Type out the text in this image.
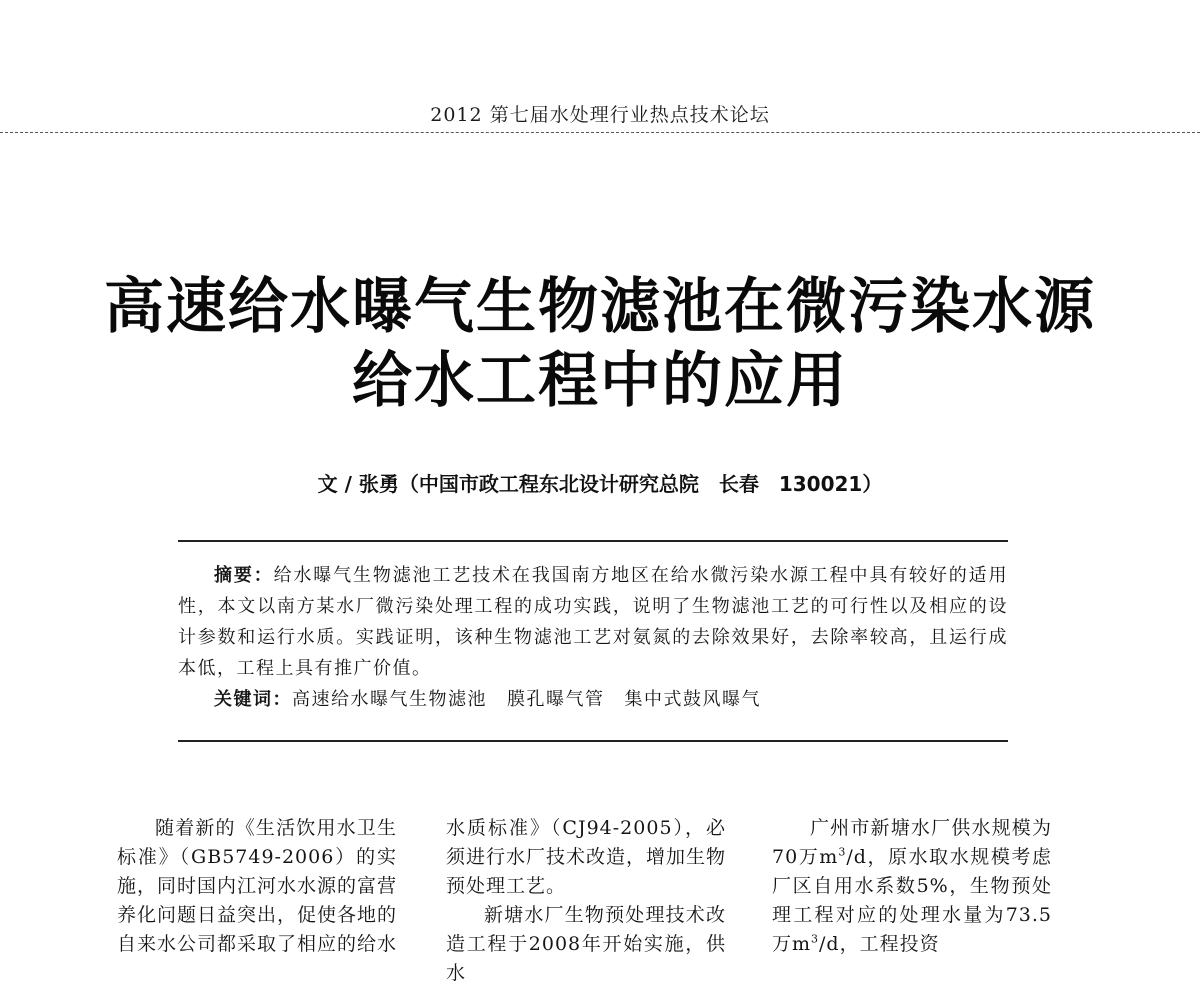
2012 第七届水处理行业热点技术论坛
高速给水曝气生物滤池在微污染水源
给水工程中的应用
文 / 张勇（中国市政工程东北设计研究总院　长春　130021）

摘要：给水曝气生物滤池工艺技术在我国南方地区在给水微污染水源工程中具有较好的适用性，本文以南方某水厂微污染处理工程的成功实践，说明了生物滤池工艺的可行性以及相应的设计参数和运行水质。实践证明，该种生物滤池工艺对氨氮的去除效果好，去除率较高，且运行成本低，工程上具有推广价值。

关键词：高速给水曝气生物滤池 膜孔曝气管 集中式鼓风曝气

随着新的《生活饮用水卫生标准》（GB5749-2006）的实施，同时国内江河水水源的富营养化问题日益突出，促使各地的自来水公司都采取了相应的给水

水质标准》（CJ94-2005），必须进行水厂技术改造，增加生物预处理工艺。

新塘水厂生物预处理技术改造工程于2008年开始实施，供水

广州市新塘水厂供水规模为70万$m^3/d$，原水取水规模考虑厂区自用水系数5%，生物预处理工程对应的处理水量为73.5万$m^3/d$，工程投资
